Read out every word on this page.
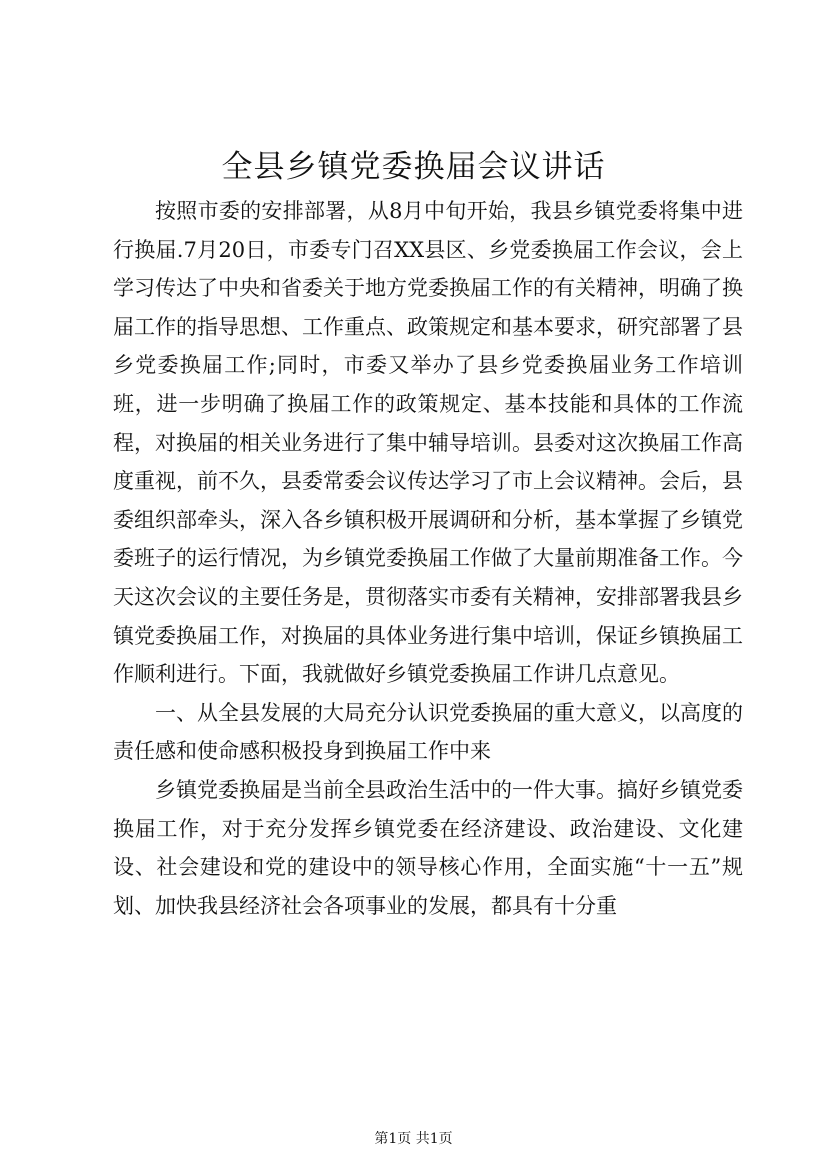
全县乡镇党委换届会议讲话

按照市委的安排部署，从8月中旬开始，我县乡镇党委将集中进行换届.7月20日，市委专门召XX县区、乡党委换届工作会议，会上学习传达了中央和省委关于地方党委换届工作的有关精神，明确了换届工作的指导思想、工作重点、政策规定和基本要求，研究部署了县乡党委换届工作;同时，市委又举办了县乡党委换届业务工作培训班，进一步明确了换届工作的政策规定、基本技能和具体的工作流程，对换届的相关业务进行了集中辅导培训。县委对这次换届工作高度重视，前不久，县委常委会议传达学习了市上会议精神。会后，县委组织部牵头，深入各乡镇积极开展调研和分析，基本掌握了乡镇党委班子的运行情况，为乡镇党委换届工作做了大量前期准备工作。今天这次会议的主要任务是，贯彻落实市委有关精神，安排部署我县乡镇党委换届工作，对换届的具体业务进行集中培训，保证乡镇换届工作顺利进行。下面，我就做好乡镇党委换届工作讲几点意见。

一、从全县发展的大局充分认识党委换届的重大意义，以高度的责任感和使命感积极投身到换届工作中来

乡镇党委换届是当前全县政治生活中的一件大事。搞好乡镇党委换届工作，对于充分发挥乡镇党委在经济建设、政治建设、文化建设、社会建设和党的建设中的领导核心作用，全面实施“十一五”规划、加快我县经济社会各项事业的发展，都具有十分重

第1页 共1页
